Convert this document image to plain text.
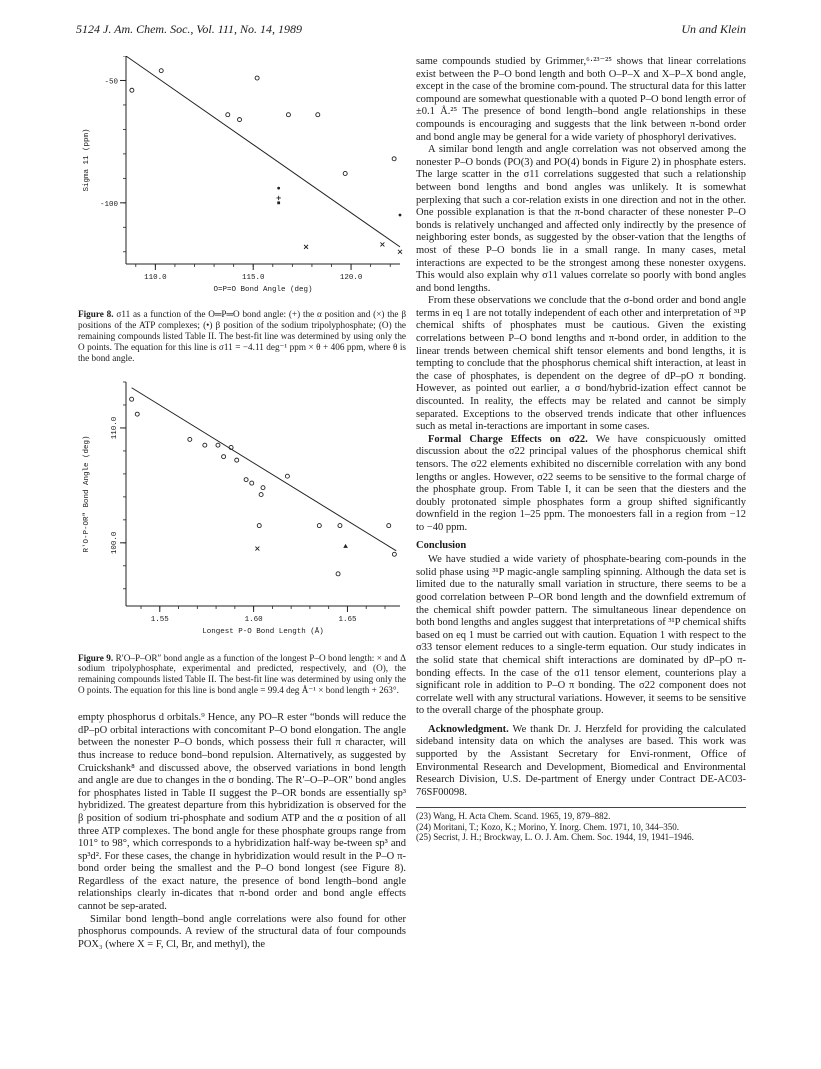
5124 J. Am. Chem. Soc., Vol. 111, No. 14, 1989	Un and Klein
110.0	115.0	120.0
-50
-100
O=P=O Bond Angle (deg)
Sigma 11 (ppm)

Figure 8. σ11 as a function of the O═P═O bond angle: (+) the α position and (×) the β positions of the ATP complexes; (•) β position of the sodium tripolyphosphate; (O) the remaining compounds listed Table II. The best-fit line was determined by using only the O points. The equation for this line is σ11 = −4.11 deg⁻¹ ppm × θ + 406 ppm, where θ is the bond angle.

1.55	1.60	1.65
110.0
100.0
Longest P-O Bond Length (Å)
R'O-P-OR" Bond Angle (deg)

Figure 9. R′O–P–OR″ bond angle as a function of the longest P–O bond length: × and Δ sodium tripolyphosphate, experimental and predicted, respectively, and (O), the remaining compounds listed Table II. The best-fit line was determined by using only the O points. The equation for this line is bond angle = 99.4 deg Å⁻¹ × bond length + 263°.

empty phosphorus d orbitals.⁹ Hence, any PO–R ester “bonds will reduce the dP–pO orbital interactions with concomitant P–O bond elongation. The angle between the nonester P–O bonds, which possess their full π character, will thus increase to reduce bond–bond repulsion. Alternatively, as suggested by Cruickshank⁸ and discussed above, the observed variations in bond length and angle are due to changes in the σ bonding. The R′–O–P–OR″ bond angles for phosphates listed in Table II suggest the P–OR bonds are essentially sp³ hybridized. The greatest departure from this hybridization is observed for the β position of sodium tri-phosphate and sodium ATP and the α position of all three ATP complexes. The bond angle for these phosphate groups range from 101° to 98°, which corresponds to a hybridization half-way be-tween sp³ and sp³d². For these cases, the change in hybridization would result in the P–O π-bond order being the smallest and the P–O bond longest (see Figure 8). Regardless of the exact nature, the presence of bond length–bond angle relationships clearly in-dicates that π-bond order and bond angle effects cannot be sep-arated.

Similar bond length–bond angle correlations were also found for other phosphorus compounds. A review of the structural data of four compounds POX₃ (where X = F, Cl, Br, and methyl), the

same compounds studied by Grimmer,⁶·²³⁻²⁵ shows that linear correlations exist between the P–O bond length and both O–P–X and X–P–X bond angle, except in the case of the bromine com-pound. The structural data for this latter compound are somewhat questionable with a quoted P–O bond length error of ±0.1 Å.²⁵ The presence of bond length–bond angle relationships in these compounds is encouraging and suggests that the link between π-bond order and bond angle may be general for a wide variety of phosphoryl derivatives.

A similar bond length and angle correlation was not observed among the nonester P–O bonds (PO(3) and PO(4) bonds in Figure 2) in phosphate esters. The large scatter in the σ11 correlations suggested that such a relationship between bond lengths and bond angles was unlikely. It is somewhat perplexing that such a cor-relation exists in one direction and not in the other. One possible explanation is that the π-bond character of these nonester P–O bonds is relatively unchanged and affected only indirectly by the presence of neighboring ester bonds, as suggested by the obser-vation that the lengths of most of these P–O bonds lie in a small range. In many cases, metal interactions are expected to be the strongest among these nonester oxygens. This would also explain why σ11 values correlate so poorly with bond angles and bond lengths.

From these observations we conclude that the σ-bond order and bond angle terms in eq 1 are not totally independent of each other and interpretation of ³¹P chemical shifts of phosphates must be cautious. Given the existing correlations between P–O bond lengths and π-bond order, in addition to the linear trends between chemical shift tensor elements and bond lengths, it is tempting to conclude that the phosphorus chemical shift interaction, at least in the case of phosphates, is dependent on the degree of dP–pO π bonding. However, as pointed out earlier, a σ bond/hybrid-ization effect cannot be discounted. In reality, the effects may be related and cannot be simply separated. Exceptions to the observed trends indicate that other influences such as metal in-teractions are important in some cases.

Formal Charge Effects on σ22. We have conspicuously omitted discussion about the σ22 principal values of the phosphorus chemical shift tensors. The σ22 elements exhibited no discernible correlation with any bond lengths or angles. However, σ22 seems to be sensitive to the formal charge of the phosphate group. From Table I, it can be seen that the diesters and the doubly protonated simple phosphates form a group shifted significantly downfield in the region 1–25 ppm. The monoesters fall in a region from −12 to −40 ppm.

Conclusion

We have studied a wide variety of phosphate-bearing com-pounds in the solid phase using ³¹P magic-angle sampling spinning. Although the data set is limited due to the naturally small variation in structure, there seems to be a good correlation between P–OR bond length and the downfield extremum of the chemical shift powder pattern. The simultaneous linear dependence on both bond lengths and angles suggest that interpretations of ³¹P chemical shifts based on eq 1 must be carried out with caution. Equation 1 with respect to the σ33 tensor element reduces to a single-term equation. Our study indicates in the solid state that chemical shift interactions are dominated by dP–pO π-bonding effects. In the case of the σ11 tensor element, counterions play a significant role in addition to P–O π bonding. The σ22 component does not correlate well with any structural variations. However, it seems to be sensitive to the overall charge of the phosphate group.

Acknowledgment. We thank Dr. J. Herzfeld for providing the calculated sideband intensity data on which the analyses are based. This work was supported by the Assistant Secretary for Envi-ronment, Office of Environmental Research and Development, Biomedical and Environmental Research Division, U.S. De-partment of Energy under Contract DE-AC03-76SF00098.

(23) Wang, H. Acta Chem. Scand. 1965, 19, 879–882.

(24) Moritani, T.; Kozo, K.; Morino, Y. Inorg. Chem. 1971, 10, 344–350.

(25) Secrist, J. H.; Brockway, L. O. J. Am. Chem. Soc. 1944, 19, 1941–1946.
